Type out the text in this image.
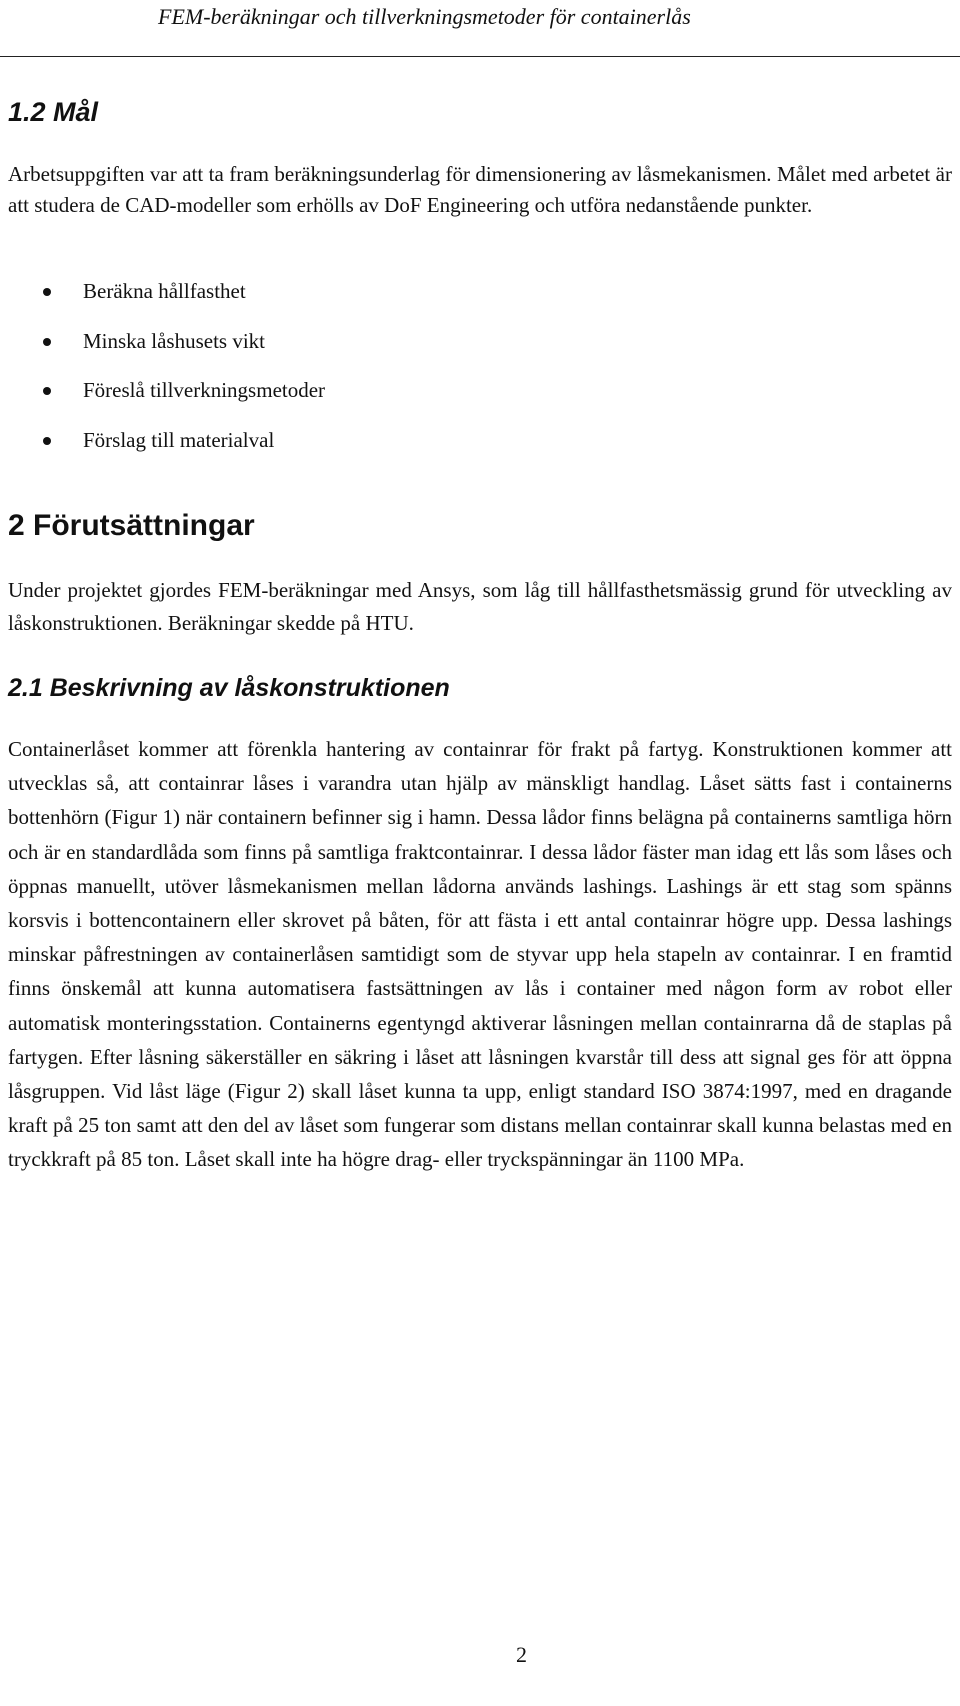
FEM-beräkningar och tillverkningsmetoder för containerlås
1.2 Mål

Arbetsuppgiften var att ta fram beräkningsunderlag för dimensionering av låsmekanismen. Målet med arbetet är att studera de CAD-modeller som erhölls av DoF Engineering och utföra nedanstående punkter.

Beräkna hållfasthet
Minska låshusets vikt
Föreslå tillverkningsmetoder
Förslag till materialval
2 Förutsättningar

Under projektet gjordes FEM-beräkningar med Ansys, som låg till hållfasthetsmässig grund för utveckling av låskonstruktionen. Beräkningar skedde på HTU.

2.1 Beskrivning av låskonstruktionen

Containerlåset kommer att förenkla hantering av containrar för frakt på fartyg. Konstruktionen kommer att utvecklas så, att containrar låses i varandra utan hjälp av mänskligt handlag. Låset sätts fast i containerns bottenhörn (Figur 1) när containern befinner sig i hamn. Dessa lådor finns belägna på containerns samtliga hörn och är en standardlåda som finns på samtliga fraktcontainrar. I dessa lådor fäster man idag ett lås som låses och öppnas manuellt, utöver låsmekanismen mellan lådorna används lashings. Lashings är ett stag som spänns korsvis i bottencontainern eller skrovet på båten, för att fästa i ett antal containrar högre upp. Dessa lashings minskar påfrestningen av containerlåsen samtidigt som de styvar upp hela stapeln av containrar. I en framtid finns önskemål att kunna automatisera fastsättningen av lås i container med någon form av robot eller automatisk monteringsstation. Containerns egentyngd aktiverar låsningen mellan containrarna då de staplas på fartygen. Efter låsning säkerställer en säkring i låset att låsningen kvarstår till dess att signal ges för att öppna låsgruppen. Vid låst läge (Figur 2) skall låset kunna ta upp, enligt standard ISO 3874:1997, med en dragande kraft på 25 ton samt att den del av låset som fungerar som distans mellan containrar skall kunna belastas med en tryckkraft på 85 ton. Låset skall inte ha högre drag- eller tryckspänningar än 1100 MPa.

2
